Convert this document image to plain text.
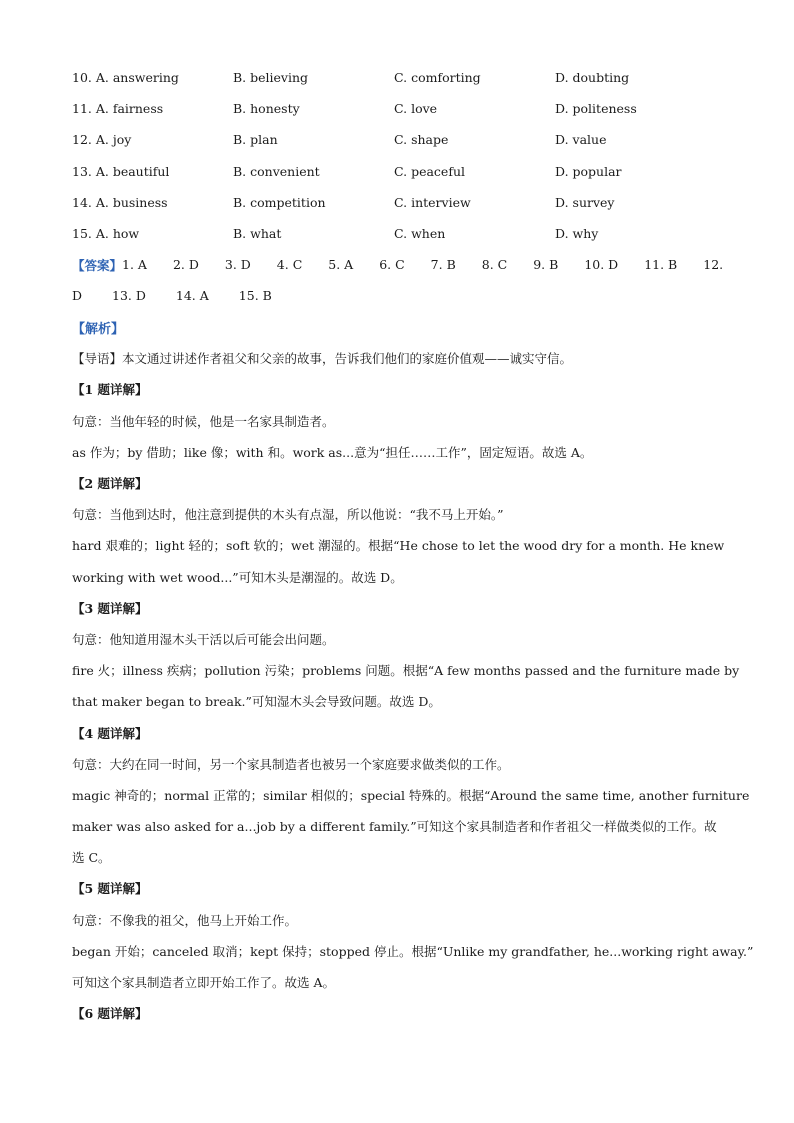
10. A. answering	B. believing	C. comforting	D. doubting
11. A. fairness	B. honesty	C. love	D. politeness
12. A. joy	B. plan	C. shape	D. value
13. A. beautiful	B. convenient	C. peaceful	D. popular
14. A. business	B. competition	C. interview	D. survey
15. A. how	B. what	C. when	D. why
【答案】 1. A 2. D 3. D 4. C 5. A 6. C 7. B 8. C 9. B 10. D 11. B 12.
D 13. D 14. A 15. B
【解析】
【导语】本文通过讲述作者祖父和父亲的故事，告诉我们他们的家庭价值观——诚实守信。
【1 题详解】
句意：当他年轻的时候，他是一名家具制造者。
as 作为；by 借助；like 像；with 和。work as...意为“担任……工作”，固定短语。故选 A。
【2 题详解】
句意：当他到达时，他注意到提供的木头有点湿，所以他说：“我不马上开始。”
hard 艰难的；light 轻的；soft 软的；wet 潮湿的。根据“He chose to let the wood dry for a month. He knew
working with wet wood...”可知木头是潮湿的。故选 D。
【3 题详解】
句意：他知道用湿木头干活以后可能会出问题。
fire 火；illness 疾病；pollution 污染；problems 问题。根据“A few months passed and the furniture made by
that maker began to break.”可知湿木头会导致问题。故选 D。
【4 题详解】
句意：大约在同一时间，另一个家具制造者也被另一个家庭要求做类似的工作。
magic 神奇的；normal 正常的；similar 相似的；special 特殊的。根据“Around the same time, another furniture
maker was also asked for a...job by a different family.”可知这个家具制造者和作者祖父一样做类似的工作。故
选 C。
【5 题详解】
句意：不像我的祖父，他马上开始工作。
began 开始；canceled 取消；kept 保持；stopped 停止。根据“Unlike my grandfather, he...working right away.”
可知这个家具制造者立即开始工作了。故选 A。
【6 题详解】
